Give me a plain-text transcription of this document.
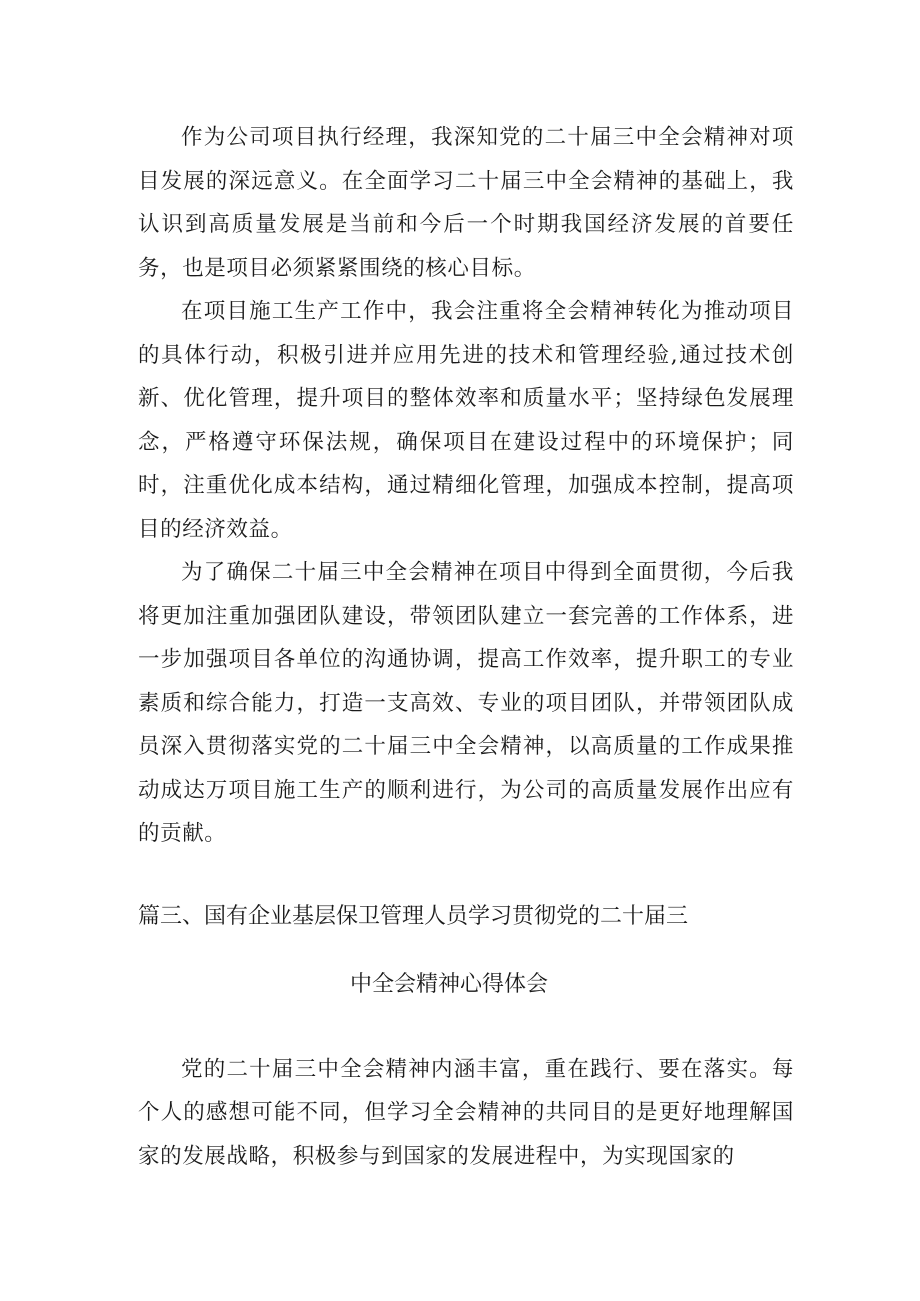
作为公司项目执行经理，我深知党的二十届三中全会精神对项目发展的深远意义。在全面学习二十届三中全会精神的基础上，我认识到高质量发展是当前和今后一个时期我国经济发展的首要任务，也是项目必须紧紧围绕的核心目标。

在项目施工生产工作中，我会注重将全会精神转化为推动项目的具体行动，积极引进并应用先进的技术和管理经验,通过技术创新、优化管理，提升项目的整体效率和质量水平；坚持绿色发展理念，严格遵守环保法规，确保项目在建设过程中的环境保护；同时，注重优化成本结构，通过精细化管理，加强成本控制，提高项目的经济效益。

为了确保二十届三中全会精神在项目中得到全面贯彻，今后我将更加注重加强团队建设，带领团队建立一套完善的工作体系，进一步加强项目各单位的沟通协调，提高工作效率，提升职工的专业素质和综合能力，打造一支高效、专业的项目团队，并带领团队成员深入贯彻落实党的二十届三中全会精神，以高质量的工作成果推动成达万项目施工生产的顺利进行，为公司的高质量发展作出应有的贡献。

篇三、国有企业基层保卫管理人员学习贯彻党的二十届三

中全会精神心得体会

党的二十届三中全会精神内涵丰富，重在践行、要在落实。每个人的感想可能不同，但学习全会精神的共同目的是更好地理解国家的发展战略，积极参与到国家的发展进程中，为实现国家的
